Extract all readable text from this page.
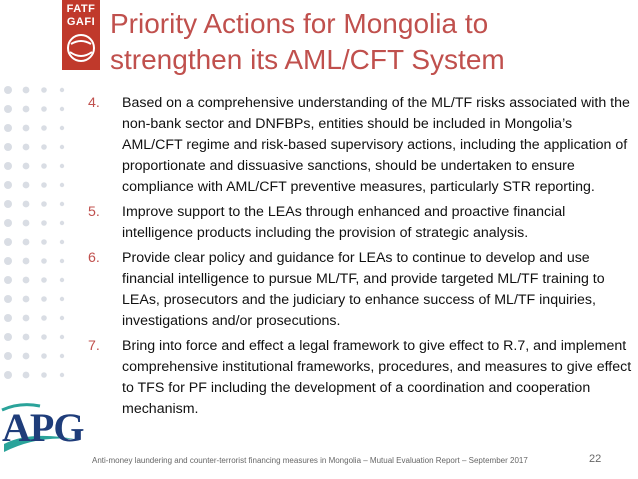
FATF
GAFI
APG
Priority Actions for Mongolia to
strengthen its AML/CFT System
4. Based on a comprehensive understanding of the ML/TF risks associated with the non-bank sector and DNFBPs, entities should be included in Mongolia’s AML/CFT regime and risk-based supervisory actions, including the application of proportionate and dissuasive sanctions, should be undertaken to ensure compliance with AML/CFT preventive measures, particularly STR reporting.
5. Improve support to the LEAs through enhanced and proactive financial intelligence products including the provision of strategic analysis.
6. Provide clear policy and guidance for LEAs to continue to develop and use financial intelligence to pursue ML/TF, and provide targeted ML/TF training to LEAs, prosecutors and the judiciary to enhance success of ML/TF inquiries, investigations and/or prosecutions.
7. Bring into force and effect a legal framework to give effect to R.7, and implement comprehensive institutional frameworks, procedures, and measures to give effect to TFS for PF including the development of a coordination and cooperation mechanism.
Anti-money laundering and counter-terrorist financing measures in Mongolia – Mutual Evaluation Report – September 2017	22
